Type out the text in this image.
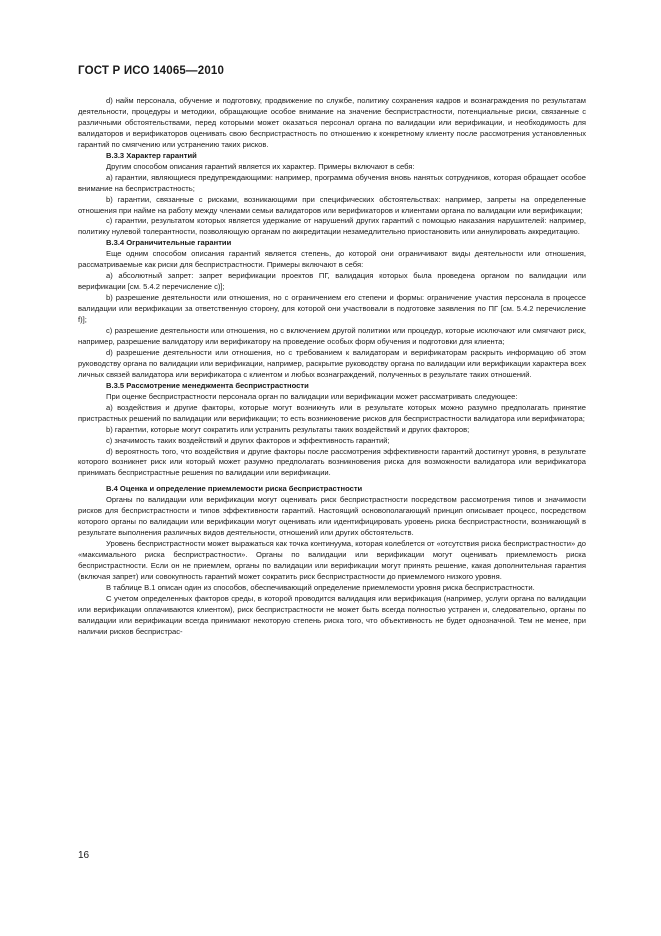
ГОСТ Р ИСО 14065—2010

d) найм персонала, обучение и подготовку, продвижение по службе, политику сохранения кадров и вознаграждения по результатам деятельности, процедуры и методики, обращающие особое внимание на значение беспристрастности, потенциальные риски, связанные с различными обстоятельствами, перед которыми может оказаться персонал органа по валидации или верификации, и необходимость для валидаторов и верификаторов оценивать свою беспристрастность по отношению к конкретному клиенту после рассмотрения установленных гарантий по смягчению или устранению таких рисков.

В.3.3 Характер гарантий

Другим способом описания гарантий является их характер. Примеры включают в себя:

a) гарантии, являющиеся предупреждающими: например, программа обучения вновь нанятых сотрудников, которая обращает особое внимание на беспристрастность;

b) гарантии, связанные с рисками, возникающими при специфических обстоятельствах: например, запреты на определенные отношения при найме на работу между членами семьи валидаторов или верификаторов и клиентами органа по валидации или верификации;

c) гарантии, результатом которых является удержание от нарушений других гарантий с помощью наказания нарушителей: например, политику нулевой толерантности, позволяющую органам по аккредитации незамедлительно приостановить или аннулировать аккредитацию.

В.3.4 Ограничительные гарантии

Еще одним способом описания гарантий является степень, до которой они ограничивают виды деятельности или отношения, рассматриваемые как риски для беспристрастности. Примеры включают в себя:

a) абсолютный запрет: запрет верификации проектов ПГ, валидация которых была проведена органом по валидации или верификации [см. 5.4.2 перечисление c)];

b) разрешение деятельности или отношения, но с ограничением его степени и формы: ограничение участия персонала в процессе валидации или верификации за ответственную сторону, для которой они участвовали в подготовке заявления по ПГ [см. 5.4.2 перечисление f)];

c) разрешение деятельности или отношения, но с включением другой политики или процедур, которые исключают или смягчают риск, например, разрешение валидатору или верификатору на проведение особых форм обучения и подготовки для клиента;

d) разрешение деятельности или отношения, но с требованием к валидаторам и верификаторам раскрыть информацию об этом руководству органа по валидации или верификации, например, раскрытие руководству органа по валидации или верификации характера всех личных связей валидатора или верификатора с клиентом и любых вознаграждений, полученных в результате таких отношений.

В.3.5 Рассмотрение менеджмента беспристрастности

При оценке беспристрастности персонала орган по валидации или верификации может рассматривать следующее:

a) воздействия и другие факторы, которые могут возникнуть или в результате которых можно разумно предполагать принятие пристрастных решений по валидации или верификации; то есть возникновение рисков для беспристрастности валидатора или верификатора;

b) гарантии, которые могут сократить или устранить результаты таких воздействий и других факторов;

c) значимость таких воздействий и других факторов и эффективность гарантий;

d) вероятность того, что воздействия и другие факторы после рассмотрения эффективности гарантий достигнут уровня, в результате которого возникнет риск или который может разумно предполагать возникновения риска для возможности валидатора или верификатора принимать беспристрастные решения по валидации или верификации.

В.4 Оценка и определение приемлемости риска беспристрастности

Органы по валидации или верификации могут оценивать риск беспристрастности посредством рассмотрения типов и значимости рисков для беспристрастности и типов эффективности гарантий. Настоящий основополагающий принцип описывает процесс, посредством которого органы по валидации или верификации могут оценивать или идентифицировать уровень риска беспристрастности, возникающий в результате выполнения различных видов деятельности, отношений или других обстоятельств.

Уровень беспристрастности может выражаться как точка континуума, которая колеблется от «отсутствия риска беспристрастности» до «максимального риска беспристрастности». Органы по валидации или верификации могут оценивать приемлемость риска беспристрастности. Если он не приемлем, органы по валидации или верификации могут принять решение, какая дополнительная гарантия (включая запрет) или совокупность гарантий может сократить риск беспристрастности до приемлемого низкого уровня.

В таблице В.1 описан один из способов, обеспечивающий определение приемлемости уровня риска беспристрастности.

С учетом определенных факторов среды, в которой проводится валидация или верификация (например, услуги органа по валидации или верификации оплачиваются клиентом), риск беспристрастности не может быть всегда полностью устранен и, следовательно, органы по валидации или верификации всегда принимают некоторую степень риска того, что объективность не будет однозначной. Тем не менее, при наличии рисков беспристрас-

16
